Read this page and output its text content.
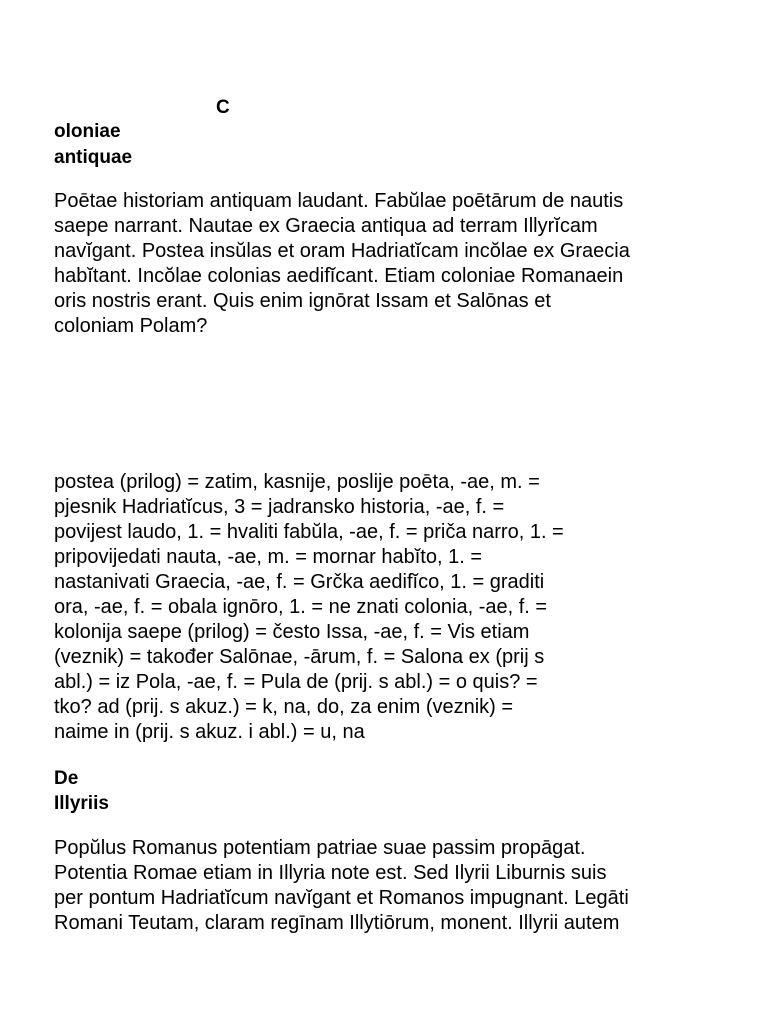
C
oloniae
antiquae
Poētae historiam antiquam laudant. Fabŭlae poētārum de nautis
saepe narrant. Nautae ex Graecia antiqua ad terram Illyrĭcam
navĭgant. Postea insŭlas et oram Hadriatĭcam incŏlae ex Graecia
habĭtant. Incŏlae colonias aedifĭcant. Etiam coloniae Romanaein
oris nostris erant. Quis enim ignōrat Issam et Salōnas et
coloniam Polam?
postea (prilog) = zatim, kasnije, poslije poēta, -ae, m. =
pjesnik Hadriatĭcus, 3 = jadransko historia, -ae, f. =
povijest laudo, 1. = hvaliti fabŭla, -ae, f. = priča narro, 1. =
pripovijedati nauta, -ae, m. = mornar habĭto, 1. =
nastanivati Graecia, -ae, f. = Grčka aedifĭco, 1. = graditi
ora, -ae, f. = obala ignōro, 1. = ne znati colonia, -ae, f. =
kolonija saepe (prilog) = često Issa, -ae, f. = Vis etiam
(veznik) = također Salōnae, -ārum, f. = Salona ex (prij s
abl.) = iz Pola, -ae, f. = Pula de (prij. s abl.) = o quis? =
tko? ad (prij. s akuz.) = k, na, do, za enim (veznik) =
naime in (prij. s akuz. i abl.) = u, na
De
Illyriis
Popŭlus Romanus potentiam patriae suae passim propāgat.
Potentia Romae etiam in Illyria note est. Sed Ilyrii Liburnis suis
per pontum Hadriatĭcum navĭgant et Romanos impugnant. Legāti
Romani Teutam, claram regīnam Illytiōrum, monent. Illyrii autem
